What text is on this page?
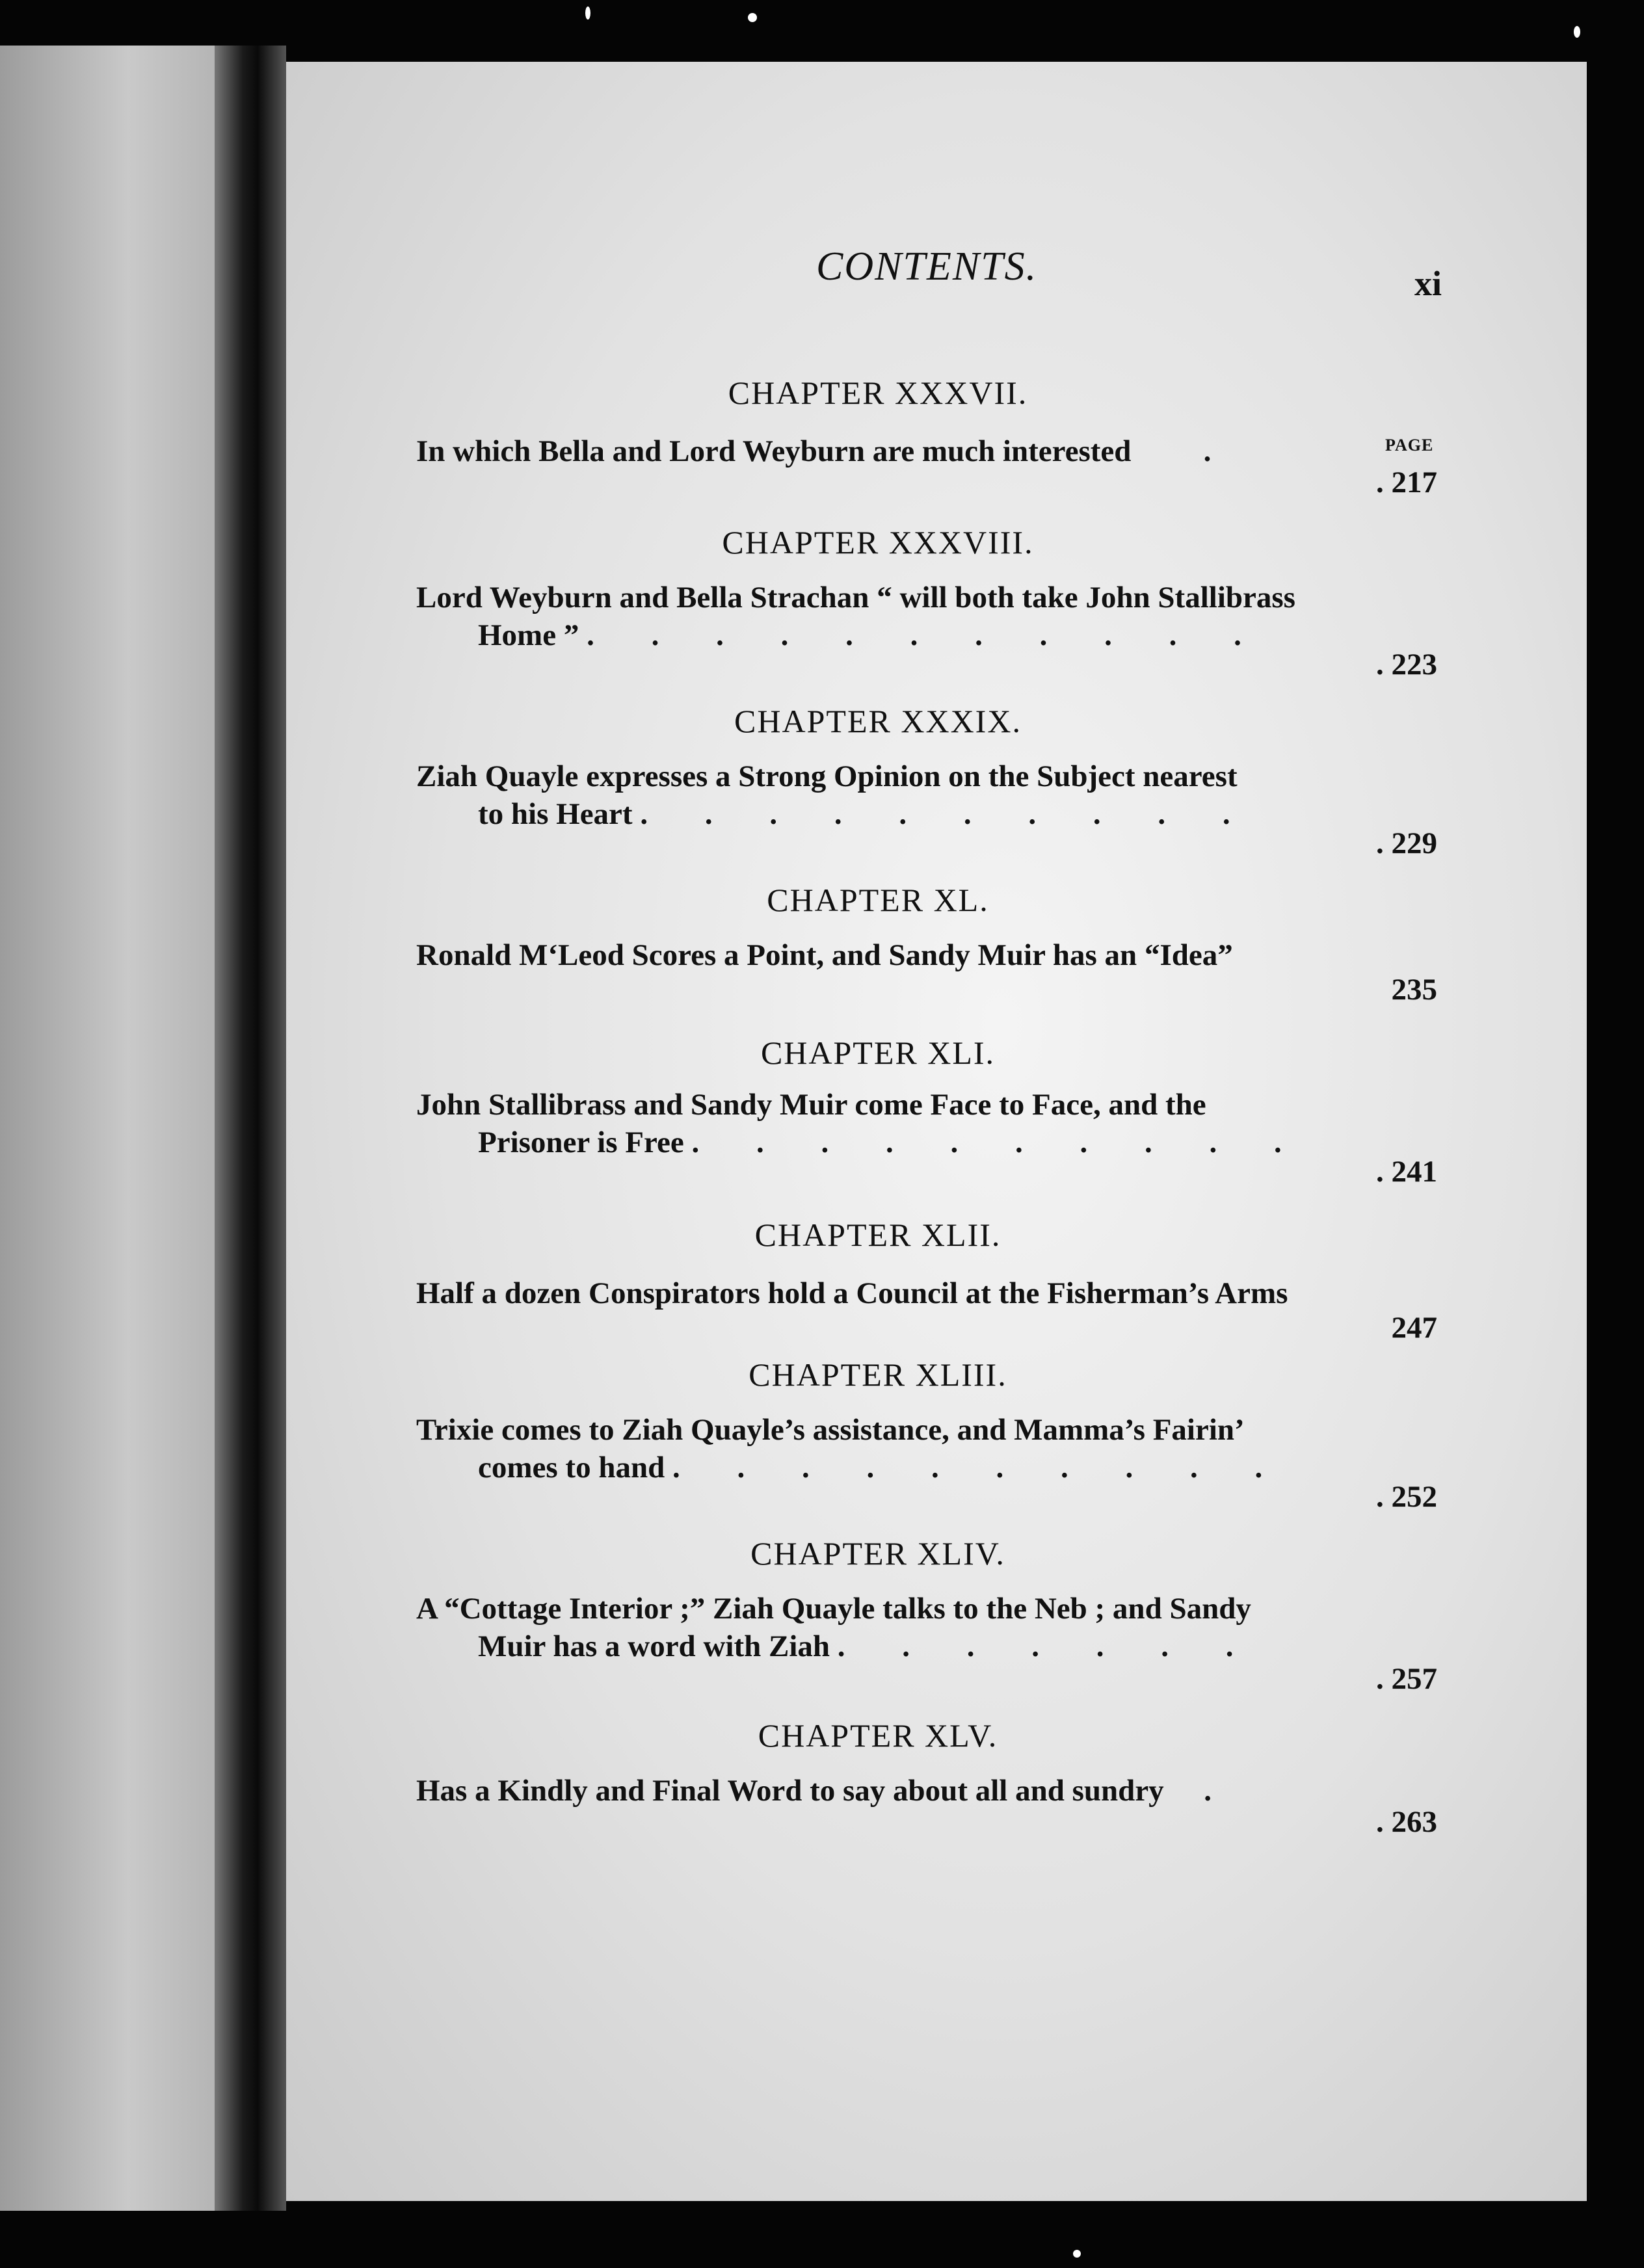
CONTENTS.	xi
PAGE
CHAPTER XXXVII.
In which Bella and Lord Weyburn are much interested   .
. 217
CHAPTER XXXVIII.
Lord Weyburn and Bella Strachan “ will both take John Stallibrass
Home ” . . . . . . . . . . .
. 223
CHAPTER XXXIX.
Ziah Quayle expresses a Strong Opinion on the Subject nearest
to his Heart . . . . . . . . . .
. 229
CHAPTER XL.
Ronald M‘Leod Scores a Point, and Sandy Muir has an “Idea”
235
CHAPTER XLI.
John Stallibrass and Sandy Muir come Face to Face, and the
Prisoner is Free . . . . . . . . . .
. 241
CHAPTER XLII.
Half a dozen Conspirators hold a Council at the Fisherman’s Arms
247
CHAPTER XLIII.
Trixie comes to Ziah Quayle’s assistance, and Mamma’s Fairin’
comes to hand . . . . . . . . . .
. 252
CHAPTER XLIV.
A “Cottage Interior ;” Ziah Quayle talks to the Neb ; and Sandy
Muir has a word with Ziah . . . . . . .
. 257
CHAPTER XLV.
Has a Kindly and Final Word to say about all and sundry  .
. 263
